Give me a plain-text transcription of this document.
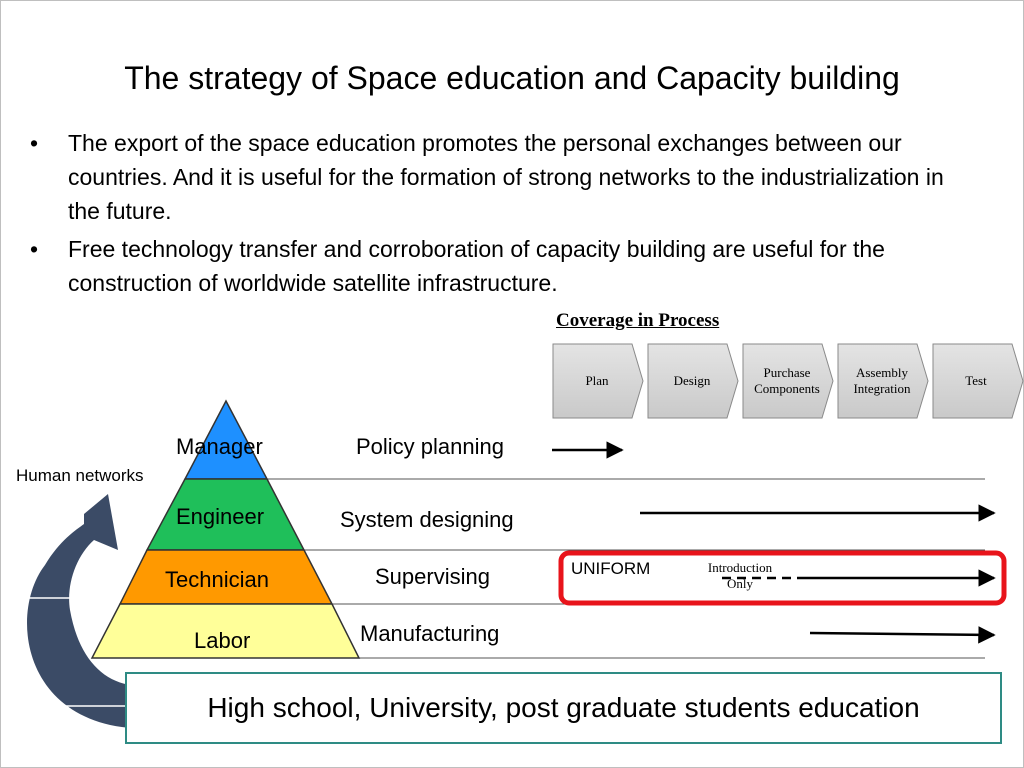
The strategy of Space education and Capacity building
• The export of the space education promotes the personal exchanges between our countries. And it is useful for the formation of strong networks to the industrialization in the future.
• Free technology transfer and corroboration of capacity building are useful for the construction of worldwide satellite infrastructure.
Coverage in Process
Manager
Engineer
Technician
Labor
Human networks
Policy planning
System designing
Supervising
Manufacturing
Plan	Design
Purchase
Components
Assembly
Integration
Test
UNIFORM	Introduction
Only
High school, University, post graduate students education
